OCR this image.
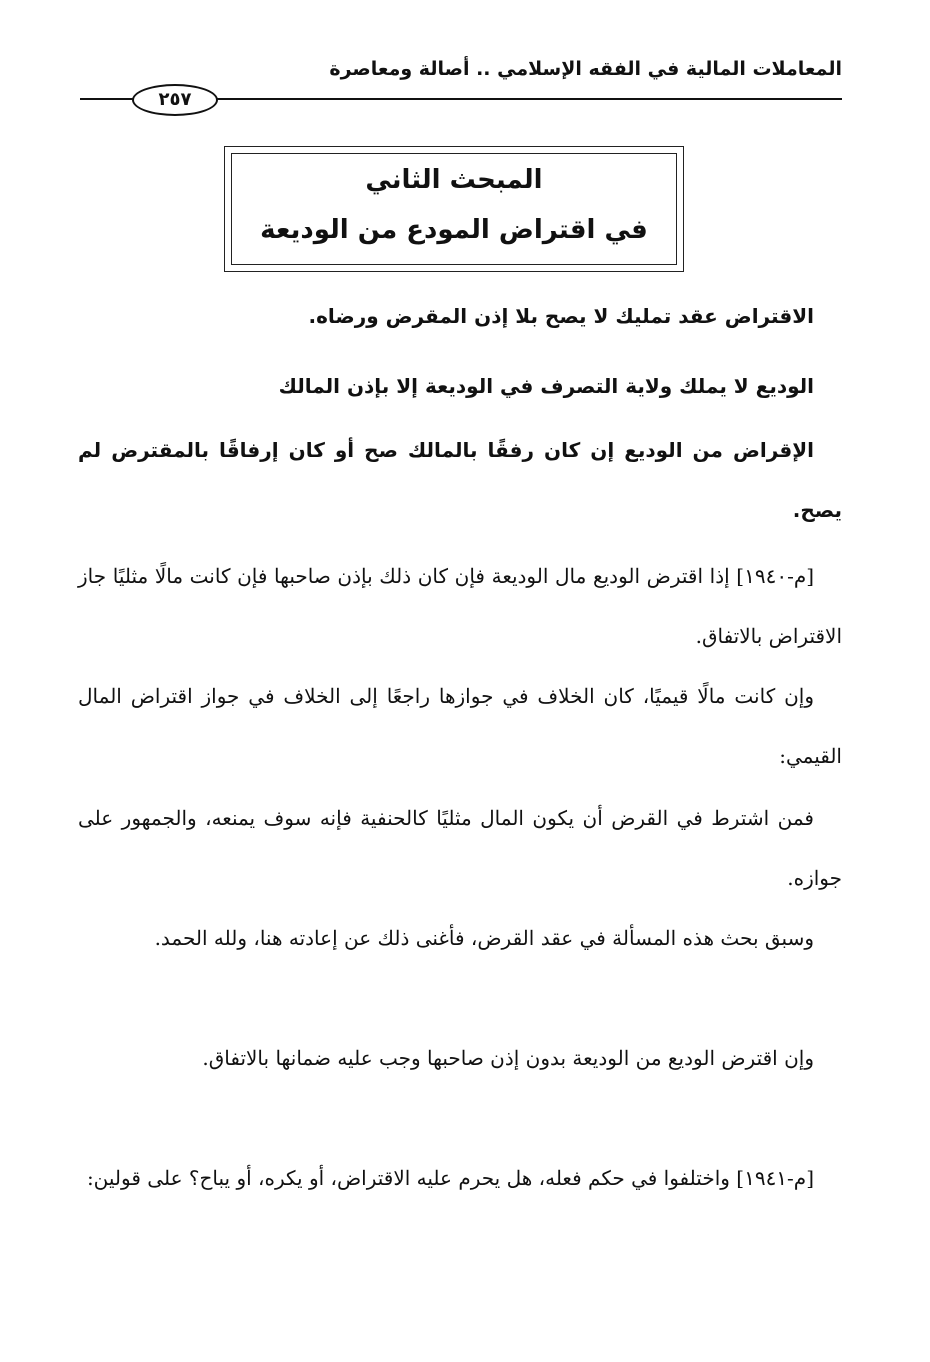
المعاملات المالية في الفقه الإسلامي .. أصالة ومعاصرة
٢٥٧
المبحث الثاني
في اقتراض المودع من الوديعة

الاقتراض عقد تمليك لا يصح بلا إذن المقرض ورضاه.

الوديع لا يملك ولاية التصرف في الوديعة إلا بإذن المالك

الإقراض من الوديع إن كان رفقًا بالمالك صح أو كان إرفاقًا بالمقترض لم يصح.

[م-١٩٤٠] إذا اقترض الوديع مال الوديعة فإن كان ذلك بإذن صاحبها فإن كانت مالًا مثليًا جاز الاقتراض بالاتفاق.

وإن كانت مالًا قيميًا، كان الخلاف في جوازها راجعًا إلى الخلاف في جواز اقتراض المال القيمي:

فمن اشترط في القرض أن يكون المال مثليًا كالحنفية فإنه سوف يمنعه، والجمهور على جوازه.

وسبق بحث هذه المسألة في عقد القرض، فأغنى ذلك عن إعادته هنا، ولله الحمد.

وإن اقترض الوديع من الوديعة بدون إذن صاحبها وجب عليه ضمانها بالاتفاق.

[م-١٩٤١] واختلفوا في حكم فعله، هل يحرم عليه الاقتراض، أو يكره، أو يباح؟ على قولين:
